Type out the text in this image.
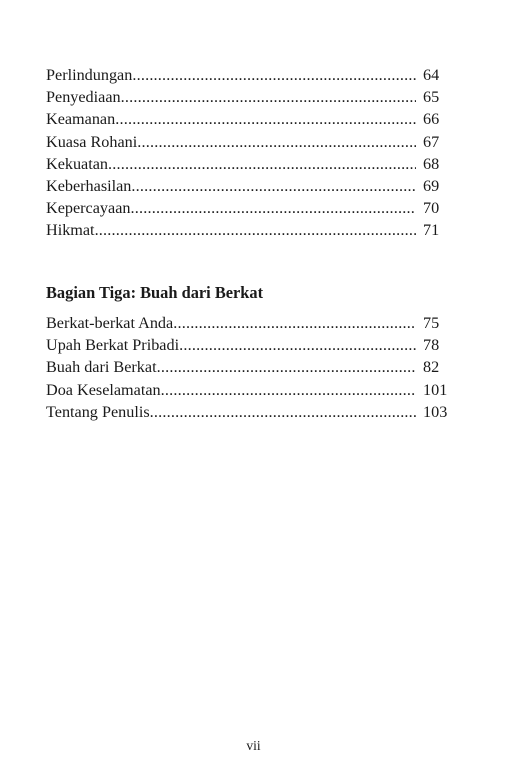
Perlindungan .....	64
Penyediaan .....	65
Keamanan .....	66
Kuasa Rohani .....	67
Kekuatan .....	68
Keberhasilan .....	69
Kepercayaan .....	70
Hikmat .....	71
Bagian Tiga: Buah dari Berkat
Berkat-berkat Anda .....	75
Upah Berkat Pribadi .....	78
Buah dari Berkat .....	82
Doa Keselamatan .....	101
Tentang Penulis .....	103
vii
